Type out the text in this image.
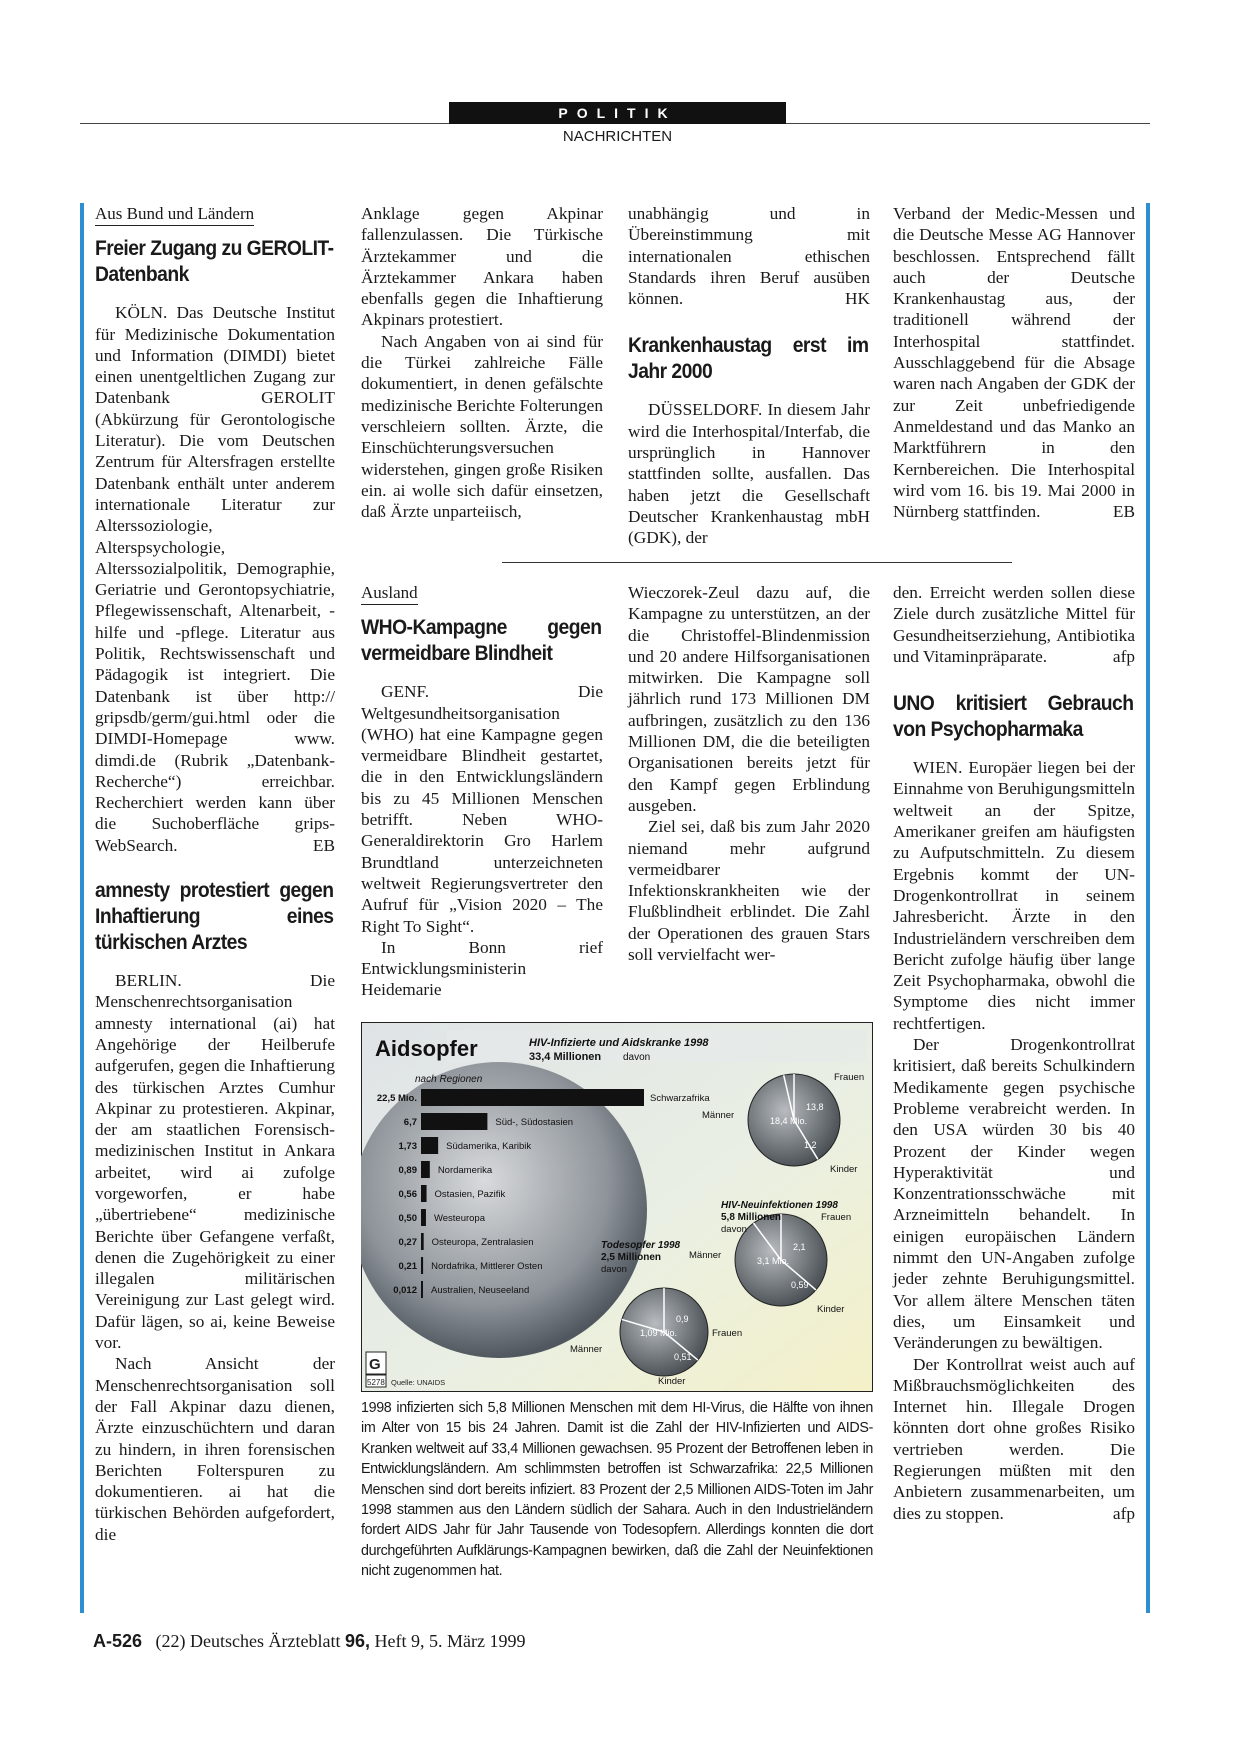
POLITIK
NACHRICHTEN
Aus Bund und Ländern
Freier Zugang zu GEROLIT-Datenbank

KÖLN. Das Deutsche Institut für Medizinische Dokumentation und Information (DIMDI) bietet einen unentgeltlichen Zugang zur Datenbank GEROLIT (Abkürzung für Gerontologische Literatur). Die vom Deutschen Zentrum für Altersfragen erstellte Datenbank enthält unter anderem internationale Literatur zur Alterssoziologie, Alterspsychologie, Alterssozialpolitik, Demographie, Geriatrie und Gerontopsychiatrie, Pflegewissenschaft, Altenarbeit, -hilfe und -pflege. Literatur aus Politik, Rechtswissenschaft und Pädagogik ist integriert. Die Datenbank ist über http:// gripsdb/germ/gui.html oder die DIMDI-Homepage www. dimdi.de (Rubrik „Datenbank-Recherche“) erreichbar. Recherchiert werden kann über die Suchoberfläche grips-WebSearch.	EB

amnesty protestiert gegen Inhaftierung eines türkischen Arztes

BERLIN. Die Menschenrechtsorganisation amnesty international (ai) hat Angehörige der Heilberufe aufgerufen, gegen die Inhaftierung des türkischen Arztes Cumhur Akpinar zu protestieren. Akpinar, der am staatlichen Forensisch-medizinischen Institut in Ankara arbeitet, wird ai zufolge vorgeworfen, er habe „übertriebene“ medizinische Berichte über Gefangene verfaßt, denen die Zugehörigkeit zu einer illegalen militärischen Vereinigung zur Last gelegt wird. Dafür lägen, so ai, keine Beweise vor.

Nach Ansicht der Menschenrechtsorganisation soll der Fall Akpinar dazu dienen, Ärzte einzuschüchtern und daran zu hindern, in ihren forensischen Berichten Folterspuren zu dokumentieren. ai hat die türkischen Behörden aufgefordert, die

Anklage gegen Akpinar fallenzulassen. Die Türkische Ärztekammer und die Ärztekammer Ankara haben ebenfalls gegen die Inhaftierung Akpinars protestiert.

Nach Angaben von ai sind für die Türkei zahlreiche Fälle dokumentiert, in denen gefälschte medizinische Berichte Folterungen verschleiern sollten. Ärzte, die Einschüchterungsversuchen widerstehen, gingen große Risiken ein. ai wolle sich dafür einsetzen, daß Ärzte unparteiisch,

unabhängig und in Übereinstimmung mit internationalen ethischen Standards ihren Beruf ausüben können.	HK

Krankenhaustag erst im Jahr 2000

DÜSSELDORF. In diesem Jahr wird die Interhospital/Interfab, die ursprünglich in Hannover stattfinden sollte, ausfallen. Das haben jetzt die Gesellschaft Deutscher Krankenhaustag mbH (GDK), der

Verband der Medic-Messen und die Deutsche Messe AG Hannover beschlossen. Entsprechend fällt auch der Deutsche Krankenhaustag aus, der traditionell während der Interhospital stattfindet. Ausschlaggebend für die Absage waren nach Angaben der GDK der zur Zeit unbefriedigende Anmeldestand und das Manko an Marktführern in den Kernbereichen. Die Interhospital wird vom 16. bis 19. Mai 2000 in Nürnberg stattfinden.	EB

Ausland
WHO-Kampagne gegen vermeidbare Blindheit

GENF. Die Weltgesundheitsorganisation (WHO) hat eine Kampagne gegen vermeidbare Blindheit gestartet, die in den Entwicklungsländern bis zu 45 Millionen Menschen betrifft. Neben WHO-Generaldirektorin Gro Harlem Brundtland unterzeichneten weltweit Regierungsvertreter den Aufruf für „Vision 2020 – The Right To Sight“.

In Bonn rief Entwicklungsministerin Heidemarie

Wieczorek-Zeul dazu auf, die Kampagne zu unterstützen, an der die Christoffel-Blindenmission und 20 andere Hilfsorganisationen mitwirken. Die Kampagne soll jährlich rund 173 Millionen DM aufbringen, zusätzlich zu den 136 Millionen DM, die die beteiligten Organisationen bereits jetzt für den Kampf gegen Erblindung ausgeben.

Ziel sei, daß bis zum Jahr 2020 niemand mehr aufgrund vermeidbarer Infektionskrankheiten wie der Flußblindheit erblindet. Die Zahl der Operationen des grauen Stars soll vervielfacht wer-

den. Erreicht werden sollen diese Ziele durch zusätzliche Mittel für Gesundheitserziehung, Antibiotika und Vitaminpräparate.	afp

UNO kritisiert Gebrauch von Psychopharmaka

WIEN. Europäer liegen bei der Einnahme von Beruhigungsmitteln weltweit an der Spitze, Amerikaner greifen am häufigsten zu Aufputschmitteln. Zu diesem Ergebnis kommt der UN-Drogenkontrollrat in seinem Jahresbericht. Ärzte in den Industrieländern verschreiben dem Bericht zufolge häufig über lange Zeit Psychopharmaka, obwohl die Symptome dies nicht immer rechtfertigen.

Der Drogenkontrollrat kritisiert, daß bereits Schulkindern Medikamente gegen psychische Probleme verabreicht werden. In den USA würden 30 bis 40 Prozent der Kinder wegen Hyperaktivität und Konzentrationsschwäche mit Arzneimitteln behandelt. In einigen europäischen Ländern nimmt den UN-Angaben zufolge jeder zehnte Beruhigungsmittel. Vor allem ältere Menschen täten dies, um Einsamkeit und Veränderungen zu bewältigen.

Der Kontrollrat weist auch auf Mißbrauchsmöglichkeiten des Internet hin. Illegale Drogen könnten dort ohne großes Risiko vertrieben werden. Die Regierungen müßten mit den Anbietern zusammenarbeiten, um dies zu stoppen.	afp

Aidsopfer	HIV-Infizierte und Aidskranke 1998
33,4 Millionen davon
nach Regionen
22,5 Mio.	Schwarzafrika
6,7	Süd-, Südostasien
1,73	Südamerika, Karibik
0,89 Nordamerika
0,56 Ostasien, Pazifik
0,50 Westeuropa
0,27 Osteuropa, Zentralasien
0,21 Nordafrika, Mittlerer Osten
0,012 Australien, Neuseeland
13,8
18,4 Mio.
1,2
Frauen
Männer
Kinder
2,1
3,1 Mio.
0,59
Frauen
Männer
Kinder
0,9
1,09 Mio.
0,51
Frauen
Männer
Kinder
HIV-Neuinfektionen 1998
5,8 Millionen
davon
Todesopfer 1998
2,5 Millionen
davon
G
5278 Quelle: UNAIDS
1998 infizierten sich 5,8 Millionen Menschen mit dem HI-Virus, die Hälfte von ihnen im Alter von 15 bis 24 Jahren. Damit ist die Zahl der HIV-Infizierten und AIDS-Kranken weltweit auf 33,4 Millionen gewachsen. 95 Prozent der Betroffenen leben in Entwicklungsländern. Am schlimmsten betroffen ist Schwarzafrika: 22,5 Millionen Menschen sind dort bereits infiziert. 83 Prozent der 2,5 Millionen AIDS-Toten im Jahr 1998 stammen aus den Ländern südlich der Sahara. Auch in den Industrieländern fordert AIDS Jahr für Jahr Tausende von Todesopfern. Allerdings konnten die dort durchgeführten Aufklärungs-Kampagnen bewirken, daß die Zahl der Neuinfektionen nicht zugenommen hat.
A-526 (22) Deutsches Ärzteblatt 96, Heft 9, 5. März 1999
